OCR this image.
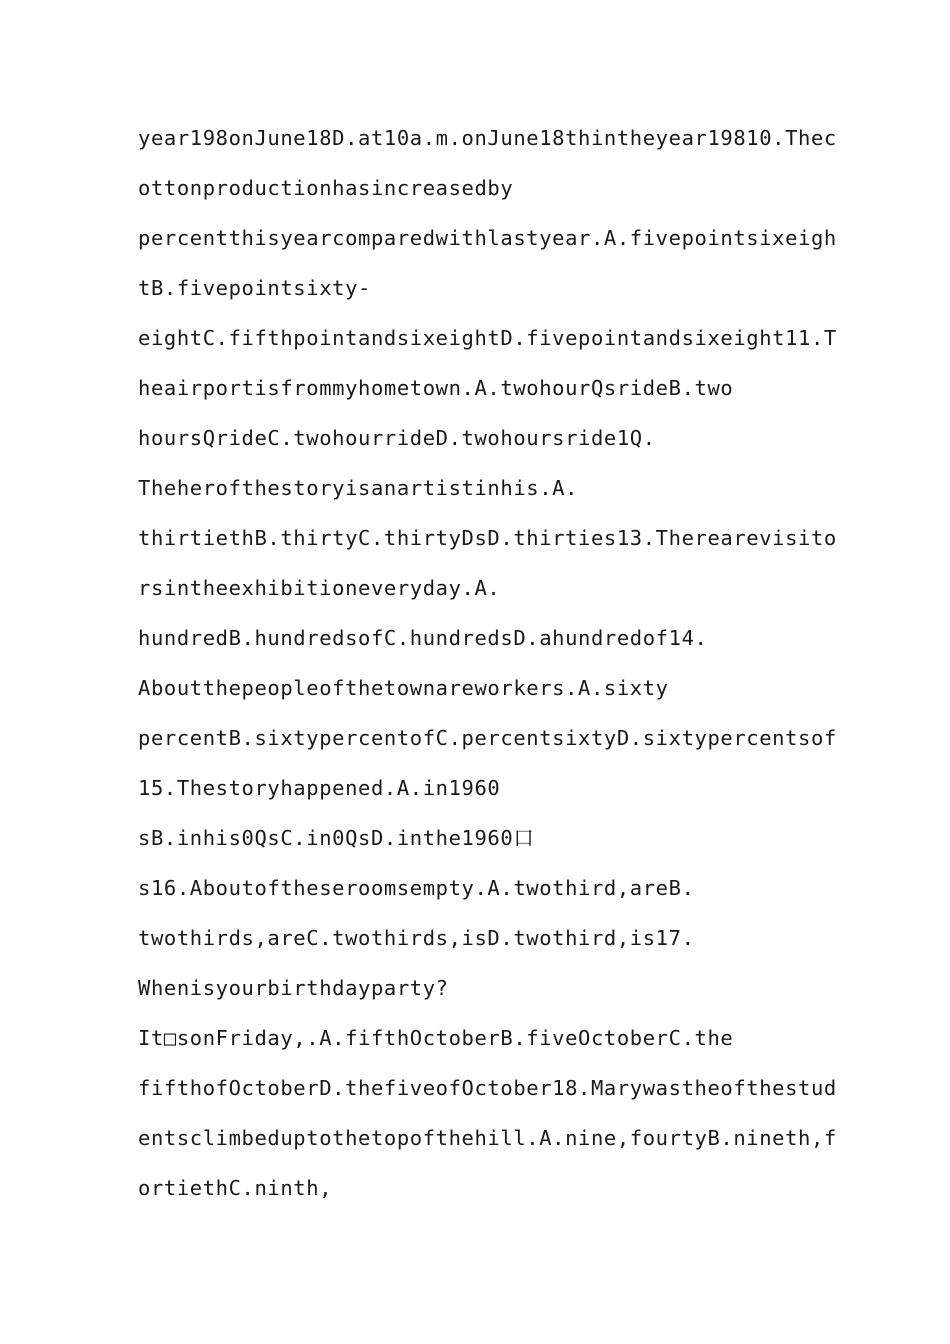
year198onJune18D.at10a.m.onJune18thintheyear19810.Thec
ottonproductionhasincreasedby
percentthisyearcomparedwithlastyear.A.fivepointsixeigh
tB.fivepointsixty-
eightC.fifthpointandsixeightD.fivepointandsixeight11.T
heairportisfrommyhometown.A.twohourQsrideB.two
hoursQrideC.twohourrideD.twohoursride1Q.
Theherofthestoryisanartistinhis.A.
thirtiethB.thirtyC.thirtyDsD.thirties13.Therearevisito
rsintheexhibitioneveryday.A.
hundredB.hundredsofC.hundredsD.ahundredof14.
Aboutthepeopleofthetownareworkers.A.sixty
percentB.sixtypercentofC.percentsixtyD.sixtypercentsof
15.Thestoryhappened.A.in1960
sB.inhis0QsC.in0QsD.inthe1960口
s16.Aboutoftheseroomsempty.A.twothird,areB.
twothirds,areC.twothirds,isD.twothird,is17.
Whenisyourbirthdayparty?
It□sonFriday,.A.fifthOctoberB.fiveOctoberC.the
fifthofOctoberD.thefiveofOctober18.Marywastheofthestud
entsclimbeduptothetopofthehill.A.nine,fourtyB.nineth,f
ortiethC.ninth,
